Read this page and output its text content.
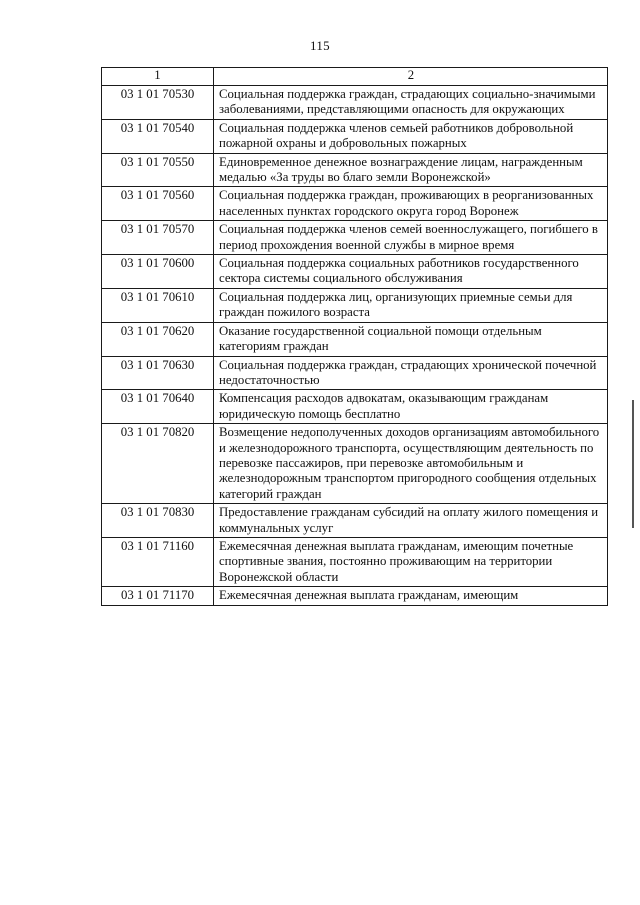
115
1	2
03 1 01 70530	Социальная поддержка граждан, страдающих социально-значимыми заболеваниями, представляющими опасность для окружающих
03 1 01 70540	Социальная поддержка членов семьей работников добровольной пожарной охраны и добровольных пожарных
03 1 01 70550	Единовременное денежное вознаграждение лицам, награжденным медалью «За труды во благо земли Воронежской»
03 1 01 70560	Социальная поддержка граждан, проживающих в реорганизованных населенных пунктах городского округа город Воронеж
03 1 01 70570	Социальная поддержка членов семей военнослужащего, погибшего в период прохождения военной службы в мирное время
03 1 01 70600	Социальная поддержка социальных работников государственного сектора системы социального обслуживания
03 1 01 70610	Социальная поддержка лиц, организующих приемные семьи для граждан пожилого возраста
03 1 01 70620	Оказание государственной социальной помощи отдельным категориям граждан
03 1 01 70630	Социальная поддержка граждан, страдающих хронической почечной недостаточностью
03 1 01 70640	Компенсация расходов адвокатам, оказывающим гражданам юридическую помощь бесплатно
03 1 01 70820	Возмещение недополученных доходов организациям автомобильного и железнодорожного транспорта, осуществляющим деятельность по перевозке пассажиров, при перевозке автомобильным и железнодорожным транспортом пригородного сообщения отдельных категорий граждан
03 1 01 70830	Предоставление гражданам субсидий на оплату жилого помещения и коммунальных услуг
03 1 01 71160	Ежемесячная денежная выплата гражданам, имеющим почетные спортивные звания, постоянно проживающим на территории Воронежской области
03 1 01 71170	Ежемесячная денежная выплата гражданам, имеющим
